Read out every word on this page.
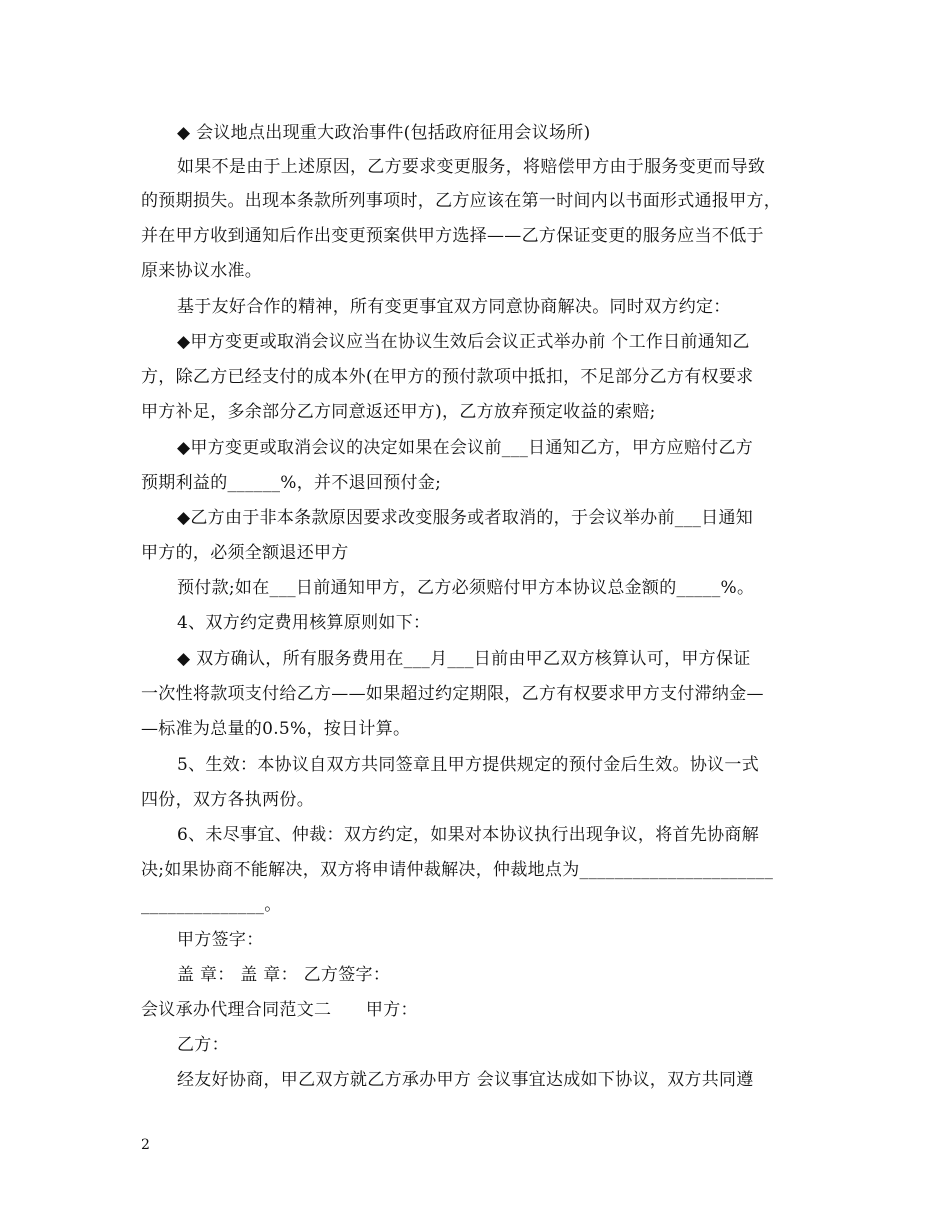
◆ 会议地点出现重大政治事件(包括政府征用会议场所)
如果不是由于上述原因，乙方要求变更服务，将赔偿甲方由于服务变更而导致
的预期损失。出现本条款所列事项时，乙方应该在第一时间内以书面形式通报甲方，
并在甲方收到通知后作出变更预案供甲方选择——乙方保证变更的服务应当不低于
原来协议水准。
基于友好合作的精神，所有变更事宜双方同意协商解决。同时双方约定：
◆甲方变更或取消会议应当在协议生效后会议正式举办前 个工作日前通知乙
方，除乙方已经支付的成本外(在甲方的预付款项中抵扣，不足部分乙方有权要求
甲方补足，多余部分乙方同意返还甲方)，乙方放弃预定收益的索赔;
◆甲方变更或取消会议的决定如果在会议前___日通知乙方，甲方应赔付乙方
预期利益的______%，并不退回预付金;
◆乙方由于非本条款原因要求改变服务或者取消的，于会议举办前___日通知
甲方的，必须全额退还甲方
预付款;如在___日前通知甲方，乙方必须赔付甲方本协议总金额的_____%。
4、双方约定费用核算原则如下：
◆ 双方确认，所有服务费用在___月___日前由甲乙双方核算认可，甲方保证
一次性将款项支付给乙方——如果超过约定期限，乙方有权要求甲方支付滞纳金—
—标准为总量的0.5%，按日计算。
5、生效：本协议自双方共同签章且甲方提供规定的预付金后生效。协议一式
四份，双方各执两份。
6、未尽事宜、仲裁：双方约定，如果对本协议执行出现争议，将首先协商解
决;如果协商不能解决，双方将申请仲裁解决，仲裁地点为______________________
______________。
甲方签字：
盖 章： 盖 章： 乙方签字：
会议承办代理合同范文二　　甲方：
乙方：
经友好协商，甲乙双方就乙方承办甲方 会议事宜达成如下协议，双方共同遵
2
